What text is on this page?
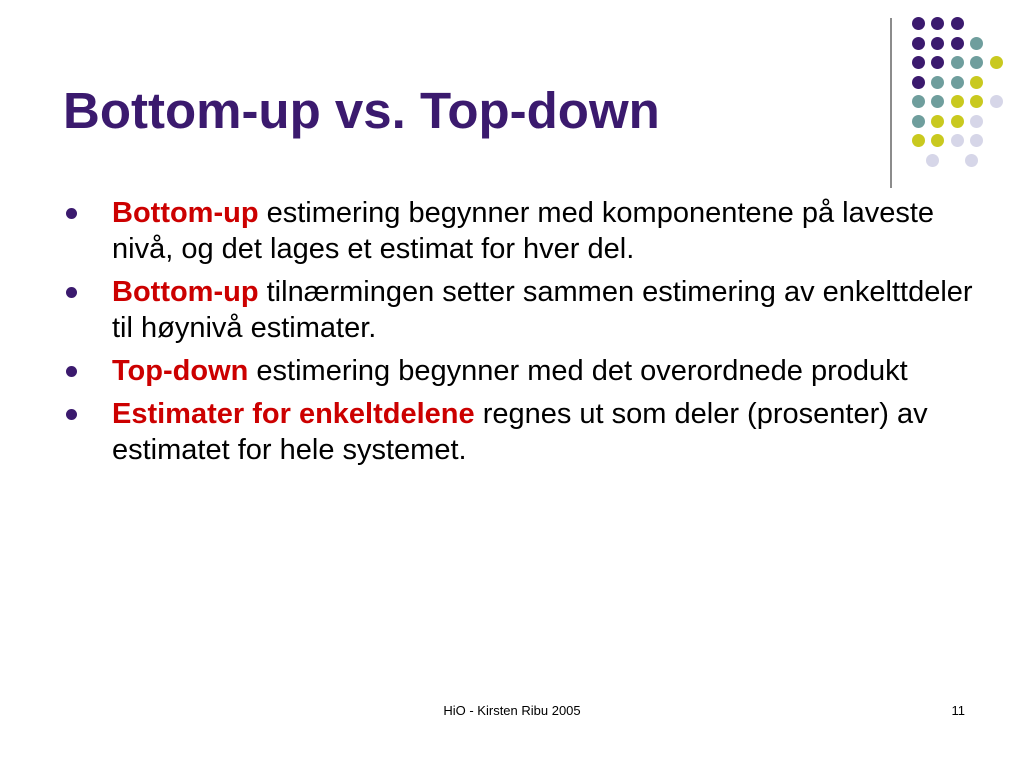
Bottom-up vs. Top-down
Bottom-up estimering begynner med komponentene på laveste nivå, og det lages et estimat for hver del.
Bottom-up tilnærmingen setter sammen estimering av enkelttdeler til høynivå estimater.
Top-down estimering begynner med det overordnede produkt
Estimater for enkeltdelene regnes ut som deler (prosenter) av estimatet for hele systemet.
HiO - Kirsten Ribu 2005	11
